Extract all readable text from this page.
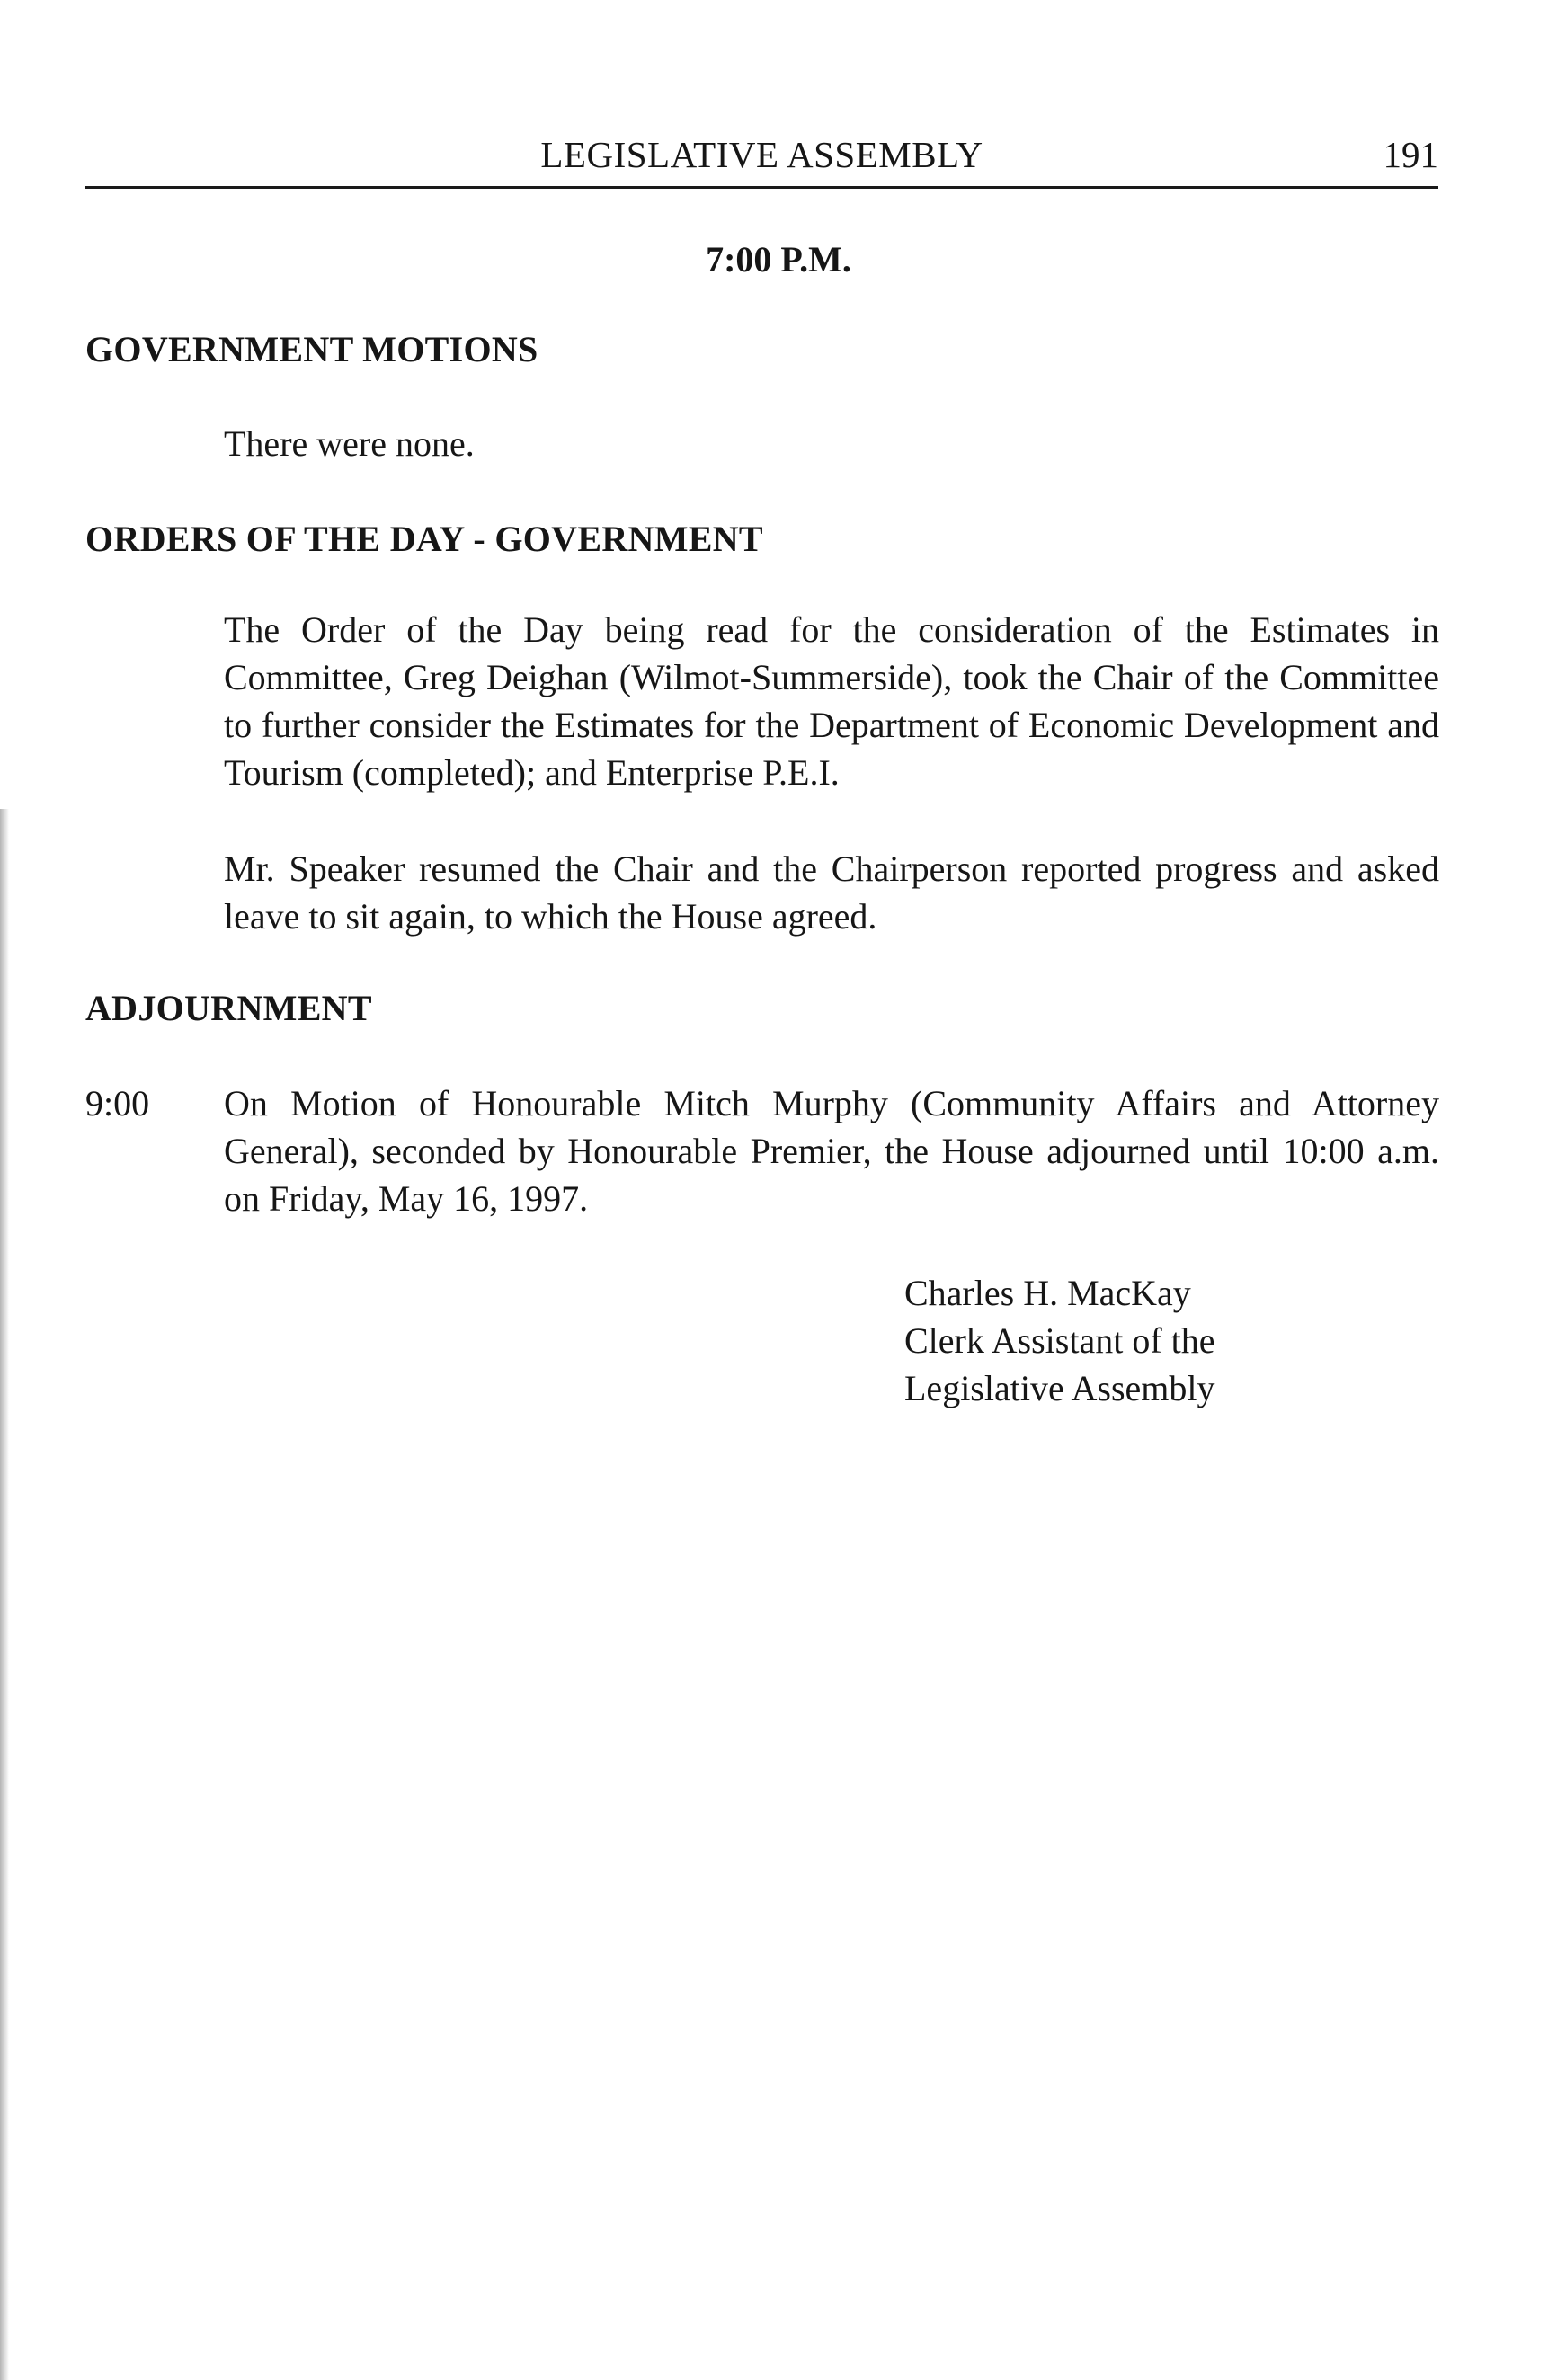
LEGISLATIVE ASSEMBLY	191
7:00 P.M.
GOVERNMENT MOTIONS
There were none.
ORDERS OF THE DAY - GOVERNMENT
The Order of the Day being read for the consideration of the Estimates in Committee, Greg Deighan (Wilmot-Summerside), took the Chair of the Committee to further consider the Estimates for the Department of Economic Development and Tourism (completed); and Enterprise P.E.I.
Mr. Speaker resumed the Chair and the Chairperson reported progress and asked leave to sit again, to which the House agreed.
ADJOURNMENT
9:00 On Motion of Honourable Mitch Murphy (Community Affairs and Attorney General), seconded by Honourable Premier, the House adjourned until 10:00 a.m. on Friday, May 16, 1997.
Charles H. MacKay
Clerk Assistant of the
Legislative Assembly
